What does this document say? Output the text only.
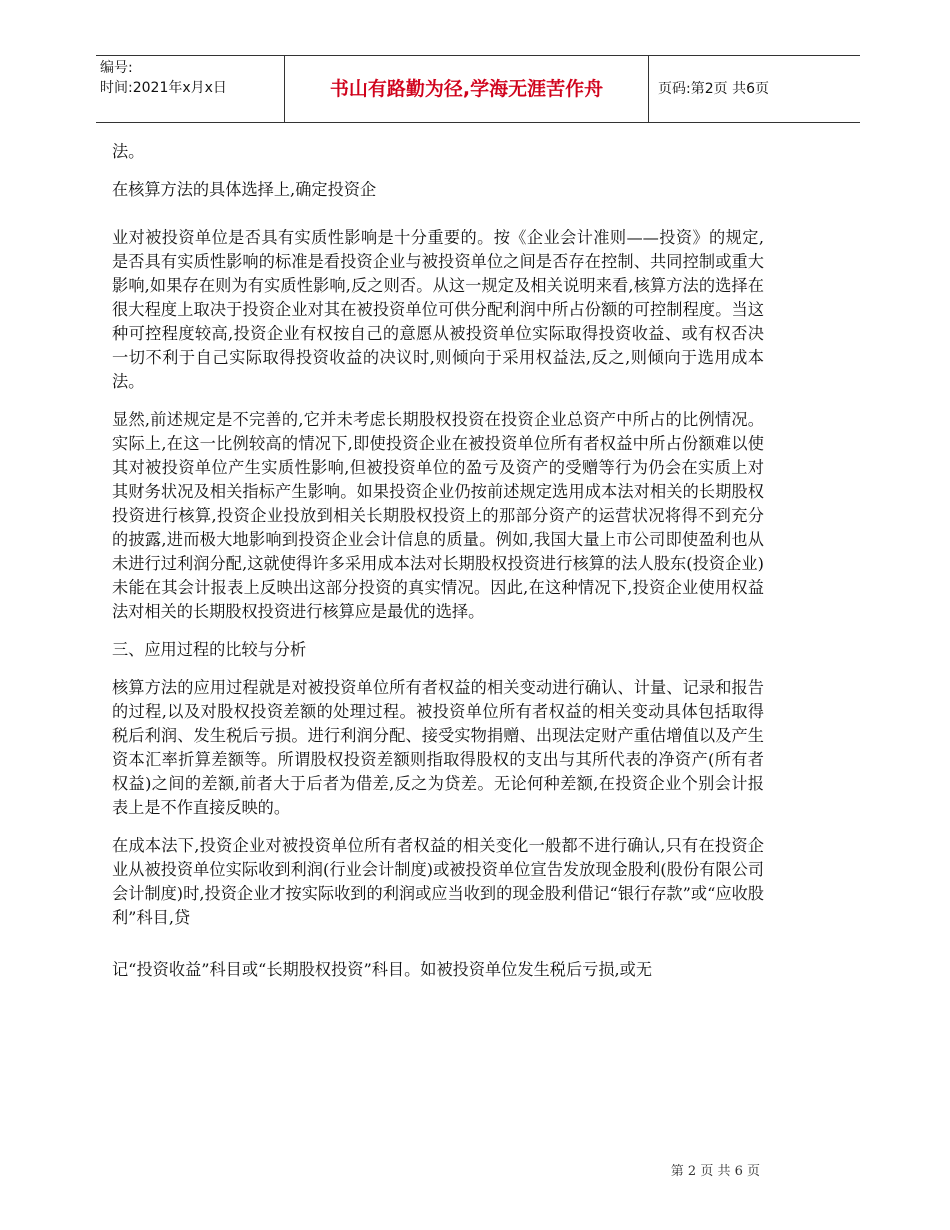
编号:
时间:2021年x月x日	书山有路勤为径,学海无涯苦作舟	页码:第2页 共6页

法。

在核算方法的具体选择上,确定投资企

业对被投资单位是否具有实质性影响是十分重要的。按《企业会计准则——投资》的规定,是否具有实质性影响的标准是看投资企业与被投资单位之间是否存在控制、共同控制或重大影响,如果存在则为有实质性影响,反之则否。从这一规定及相关说明来看,核算方法的选择在很大程度上取决于投资企业对其在被投资单位可供分配利润中所占份额的可控制程度。当这种可控程度较高,投资企业有权按自己的意愿从被投资单位实际取得投资收益、或有权否决一切不利于自己实际取得投资收益的决议时,则倾向于采用权益法,反之,则倾向于选用成本法。

显然,前述规定是不完善的,它并未考虑长期股权投资在投资企业总资产中所占的比例情况。实际上,在这一比例较高的情况下,即使投资企业在被投资单位所有者权益中所占份额难以使其对被投资单位产生实质性影响,但被投资单位的盈亏及资产的受赠等行为仍会在实质上对其财务状况及相关指标产生影响。如果投资企业仍按前述规定选用成本法对相关的长期股权投资进行核算,投资企业投放到相关长期股权投资上的那部分资产的运营状况将得不到充分的披露,进而极大地影响到投资企业会计信息的质量。例如,我国大量上市公司即使盈利也从未进行过利润分配,这就使得许多采用成本法对长期股权投资进行核算的法人股东(投资企业)未能在其会计报表上反映出这部分投资的真实情况。因此,在这种情况下,投资企业使用权益法对相关的长期股权投资进行核算应是最优的选择。

三、应用过程的比较与分析

核算方法的应用过程就是对被投资单位所有者权益的相关变动进行确认、计量、记录和报告的过程,以及对股权投资差额的处理过程。被投资单位所有者权益的相关变动具体包括取得税后利润、发生税后亏损。进行利润分配、接受实物捐赠、出现法定财产重估增值以及产生资本汇率折算差额等。所谓股权投资差额则指取得股权的支出与其所代表的净资产(所有者权益)之间的差额,前者大于后者为借差,反之为贷差。无论何种差额,在投资企业个别会计报表上是不作直接反映的。

在成本法下,投资企业对被投资单位所有者权益的相关变化一般都不进行确认,只有在投资企业从被投资单位实际收到利润(行业会计制度)或被投资单位宣告发放现金股利(股份有限公司会计制度)时,投资企业才按实际收到的利润或应当收到的现金股利借记“银行存款”或“应收股利”科目,贷

记“投资收益”科目或“长期股权投资”科目。如被投资单位发生税后亏损,或无

第 2 页 共 6 页
